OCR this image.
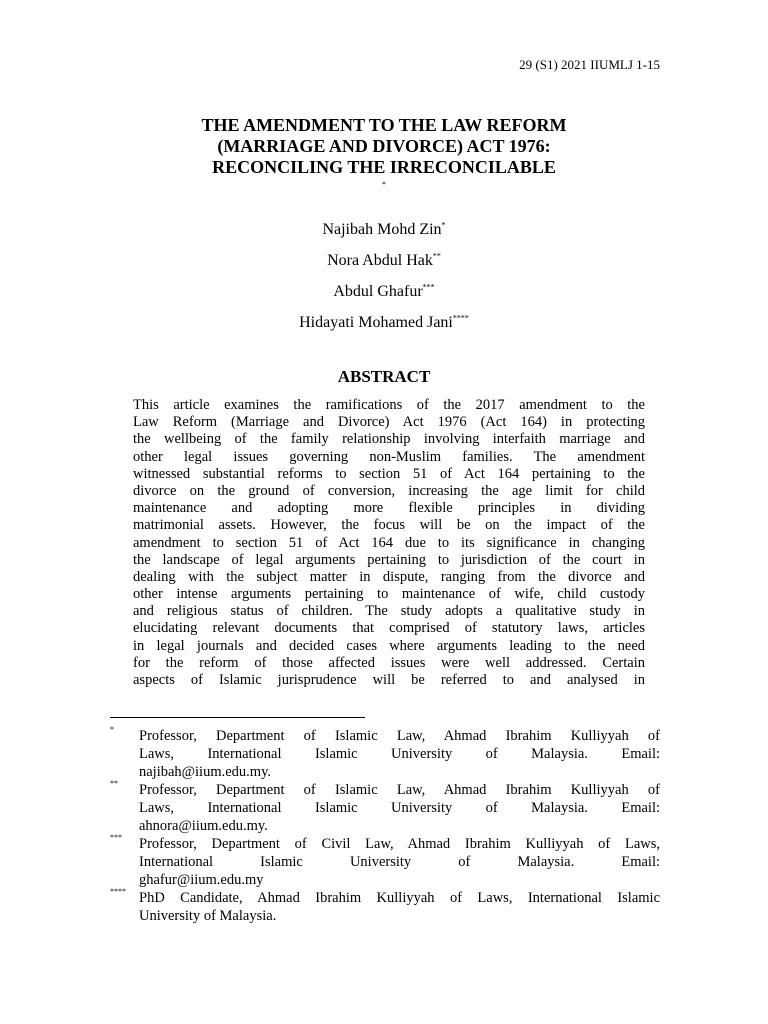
29 (S1) 2021 IIUMLJ 1-15
THE AMENDMENT TO THE LAW REFORM
(MARRIAGE AND DIVORCE) ACT 1976:
RECONCILING THE IRRECONCILABLE
*
Najibah Mohd Zin*
Nora Abdul Hak**
Abdul Ghafur***
Hidayati Mohamed Jani****
ABSTRACT
This article examines the ramifications of the 2017 amendment to the
Law Reform (Marriage and Divorce) Act 1976 (Act 164) in protecting
the wellbeing of the family relationship involving interfaith marriage and
other legal issues governing non-Muslim families. The amendment
witnessed substantial reforms to section 51 of Act 164 pertaining to the
divorce on the ground of conversion, increasing the age limit for child
maintenance and adopting more flexible principles in dividing
matrimonial assets. However, the focus will be on the impact of the
amendment to section 51 of Act 164 due to its significance in changing
the landscape of legal arguments pertaining to jurisdiction of the court in
dealing with the subject matter in dispute, ranging from the divorce and
other intense arguments pertaining to maintenance of wife, child custody
and religious status of children. The study adopts a qualitative study in
elucidating relevant documents that comprised of statutory laws, articles
in legal journals and decided cases where arguments leading to the need
for the reform of those affected issues were well addressed. Certain
aspects of Islamic jurisprudence will be referred to and analysed in
* Professor, Department of Islamic Law, Ahmad Ibrahim Kulliyyah of
Laws, International Islamic University of Malaysia. Email:
najibah@iium.edu.my.
** Professor, Department of Islamic Law, Ahmad Ibrahim Kulliyyah of
Laws, International Islamic University of Malaysia. Email:
ahnora@iium.edu.my.
*** Professor, Department of Civil Law, Ahmad Ibrahim Kulliyyah of Laws,
International Islamic University of Malaysia. Email:
ghafur@iium.edu.my
**** PhD Candidate, Ahmad Ibrahim Kulliyyah of Laws, International Islamic
University of Malaysia.
